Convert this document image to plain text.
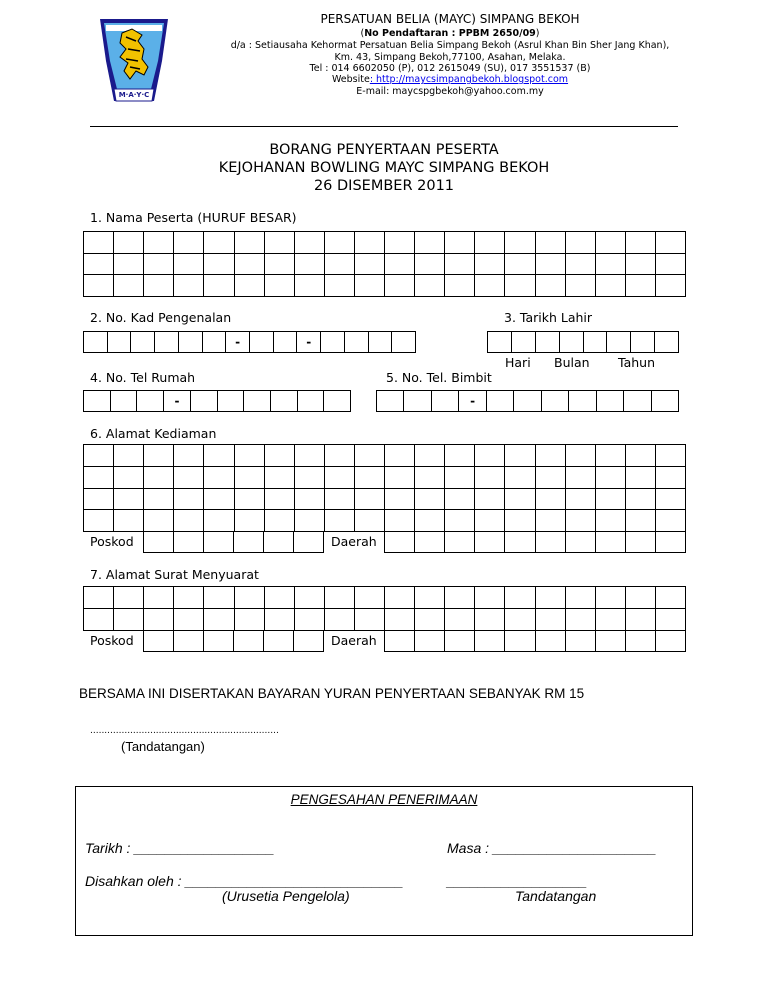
M·A·Y·C
PERSATUAN BELIA (MAYC) SIMPANG BEKOH
(No Pendaftaran : PPBM 2650/09)
d/a : Setiausaha Kehormat Persatuan Belia Simpang Bekoh (Asrul Khan Bin Sher Jang Khan),
Km. 43, Simpang Bekoh,77100, Asahan, Melaka.
Tel : 014 6602050 (P), 012 2615049 (SU), 017 3551537 (B)
Website: http://maycsimpangbekoh.blogspot.com
E-mail: maycspgbekoh@yahoo.com.my
BORANG PENYERTAAN PESERTA
KEJOHANAN BOWLING MAYC SIMPANG BEKOH
26 DISEMBER 2011
1. Nama Peserta (HURUF BESAR)
2. No. Kad Pengenalan
-	-
3. Tarikh Lahir
Hari Bulan Tahun
4. No. Tel Rumah
-
5. No. Tel. Bimbit
-
6. Alamat Kediaman
Poskod	Daerah
7. Alamat Surat Menyuarat
Poskod	Daerah
BERSAMA INI DISERTAKAN BAYARAN YURAN PENYERTAAN SEBANYAK RM 15
..................................................................
(Tandatangan)
PENGESAHAN PENERIMAAN
Tarikh : __________________	Masa : _____________________
Disahkan oleh : ____________________________	__________________
(Urusetia Pengelola)	Tandatangan
